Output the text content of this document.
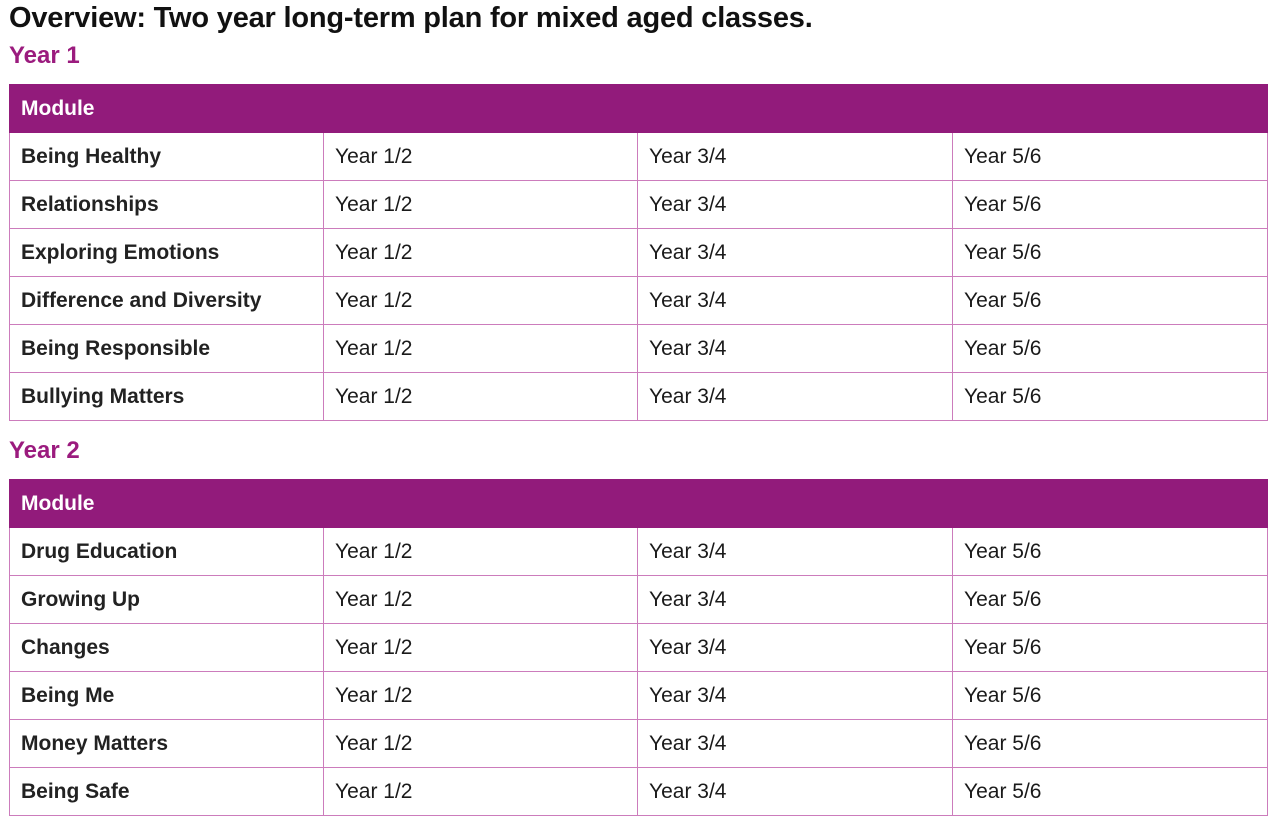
Overview: Two year long-term plan for mixed aged classes.
Year 1
Module			
Being Healthy	Year 1/2	Year 3/4	Year 5/6
Relationships	Year 1/2	Year 3/4	Year 5/6
Exploring Emotions	Year 1/2	Year 3/4	Year 5/6
Difference and Diversity	Year 1/2	Year 3/4	Year 5/6
Being Responsible	Year 1/2	Year 3/4	Year 5/6
Bullying Matters	Year 1/2	Year 3/4	Year 5/6
Year 2
Module			
Drug Education	Year 1/2	Year 3/4	Year 5/6
Growing Up	Year 1/2	Year 3/4	Year 5/6
Changes	Year 1/2	Year 3/4	Year 5/6
Being Me	Year 1/2	Year 3/4	Year 5/6
Money Matters	Year 1/2	Year 3/4	Year 5/6
Being Safe	Year 1/2	Year 3/4	Year 5/6
